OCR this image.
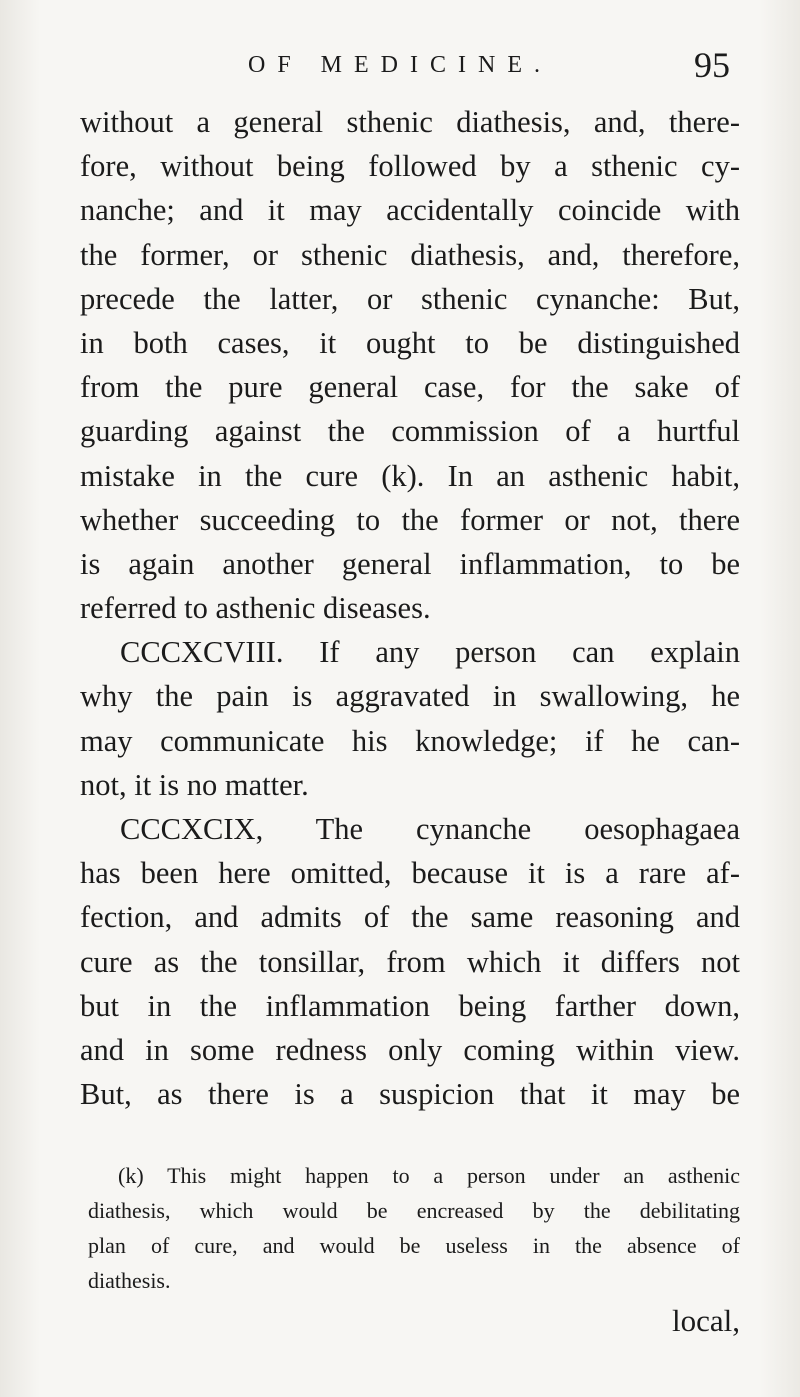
OF MEDICINE.	95
without a general sthenic diathesis, and, there-
fore, without being followed by a sthenic cy-
nanche; and it may accidentally coincide with
the former, or sthenic diathesis, and, therefore,
precede the latter, or sthenic cynanche: But,
in both cases, it ought to be distinguished
from the pure general case, for the sake of
guarding against the commission of a hurtful
mistake in the cure (k). In an asthenic habit,
whether succeeding to the former or not, there
is again another general inflammation, to be
referred to asthenic diseases.
CCCXCVIII. If any person can explain
why the pain is aggravated in swallowing, he
may communicate his knowledge; if he can-
not, it is no matter.
CCCXCIX, The cynanche oesophagaea
has been here omitted, because it is a rare af-
fection, and admits of the same reasoning and
cure as the tonsillar, from which it differs not
but in the inflammation being farther down,
and in some redness only coming within view.
But, as there is a suspicion that it may be
(k) This might happen to a person under an asthenic
diathesis, which would be encreased by the debilitating
plan of cure, and would be useless in the absence of
diathesis.
local,
